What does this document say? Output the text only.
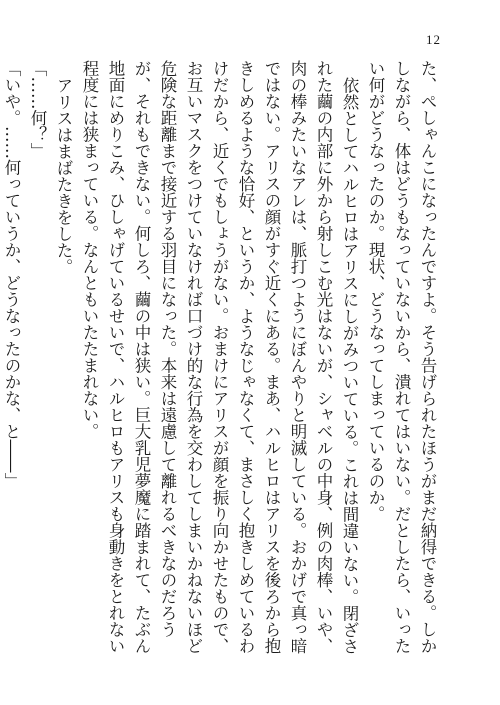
12

た、ぺしゃんこになったんですよ。そう告げられたほうがまだ納得できる。しかしながら、体はどうもなっていないから、潰れてはいない。だとしたら、いったい何がどうなったのか。現状、どうなってしまっているのか。

依然としてハルヒロはアリスにしがみついている。これは間違いない。閉ざされた繭の内部に外から射しこむ光はないが、シャベルの中身、例の肉棒、いや、肉の棒みたいなアレは、脈打つようにぼんやりと明滅している。おかげで真っ暗ではない。アリスの顔がすぐ近くにある。まあ、ハルヒロはアリスを後ろから抱きしめるような恰好、というか、ようなじゃなくて、まさしく抱きしめているわけだから、近くでもしょうがない。おまけにアリスが顔を振り向かせたもので、お互いマスクをつけていなければ口づけ的な行為を交わしてしまいかねないほど危険な距離まで接近する羽目になった。本来は遠慮して離れるべきなのだろうが、それもできない。何しろ、繭の中は狭い。巨大乳児夢魔に踏まれて、たぶん地面にめりこみ、ひしゃげているせいで、ハルヒロもアリスも身動きをとれない程度には狭まっている。なんともいたたまれない。

アリスはまばたきをした。

「……何？」

「いや。……何っていうか、どうなったのかな、と――」
